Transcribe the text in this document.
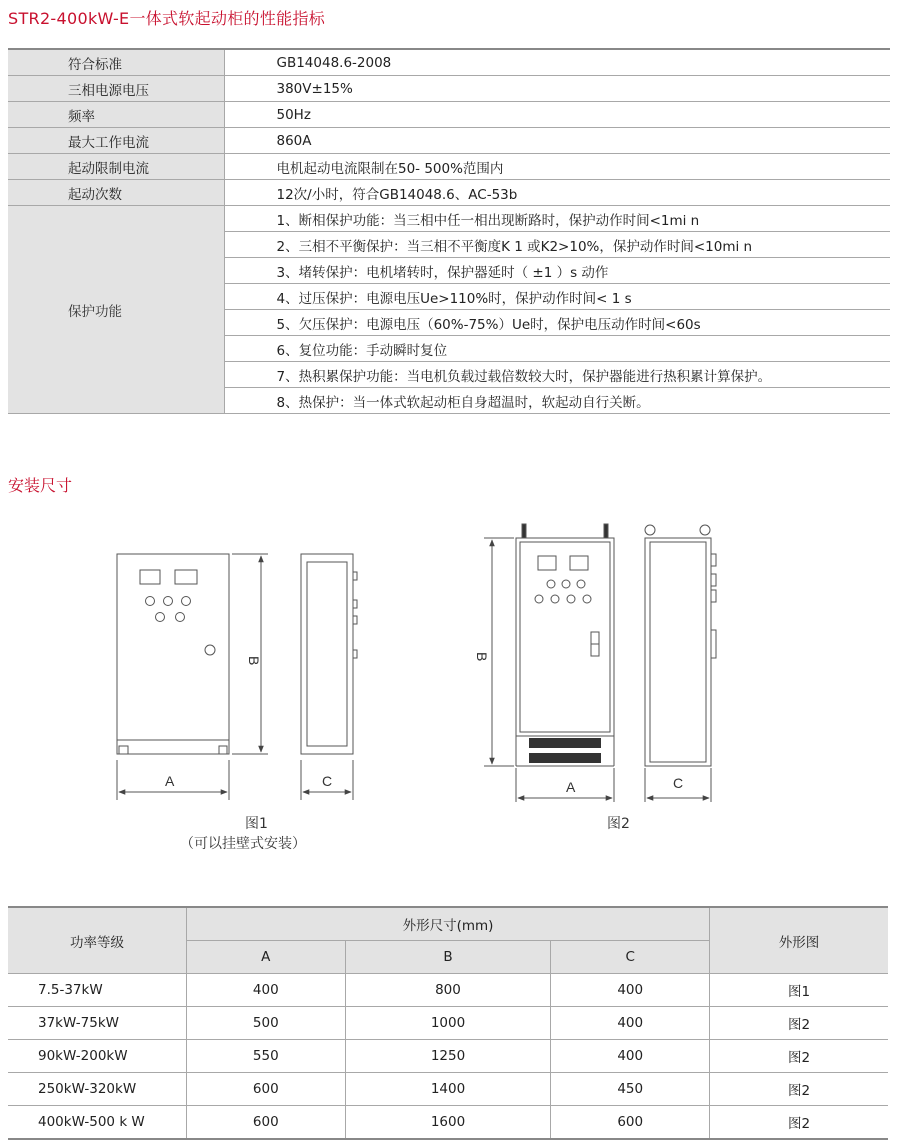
STR2-400kW-E一体式软起动柜的性能指标
符合标准	GB14048.6-2008
三相电源电压	380V±15%
频率	50Hz
最大工作电流	860A
起动限制电流	电机起动电流限制在50- 500%范围内
起动次数	12次/小时，符合GB14048.6、AC-53b
保护功能	1、断相保护功能：当三相中任一相出现断路时，保护动作时间<1mi n
	2、三相不平衡保护：当三相不平衡度K 1 或K2>10%，保护动作时间<10mi n
	3、堵转保护：电机堵转时，保护器延时（ ±1 ）s 动作
	4、过压保护：电源电压Ue>110%时，保护动作时间< 1 s
	5、欠压保护：电源电压（60%-75%）Ue时，保护电压动作时间<60s
	6、复位功能：手动瞬时复位
	7、热积累保护功能：当电机负载过载倍数较大时，保护器能进行热积累计算保护。
	8、热保护：当一体式软起动柜自身超温时，软起动自行关断。
安装尺寸
A
B
C	A
B
C
图1
（可以挂壁式安装）
图2
功率等级	外形尺寸(mm)			外形图
	A	B	C	
7.5-37kW	400	800	400	图1
37kW-75kW	500	1000	400	图2
90kW-200kW	550	1250	400	图2
250kW-320kW	600	1400	450	图2
400kW-500 k W	600	1600	600	图2
